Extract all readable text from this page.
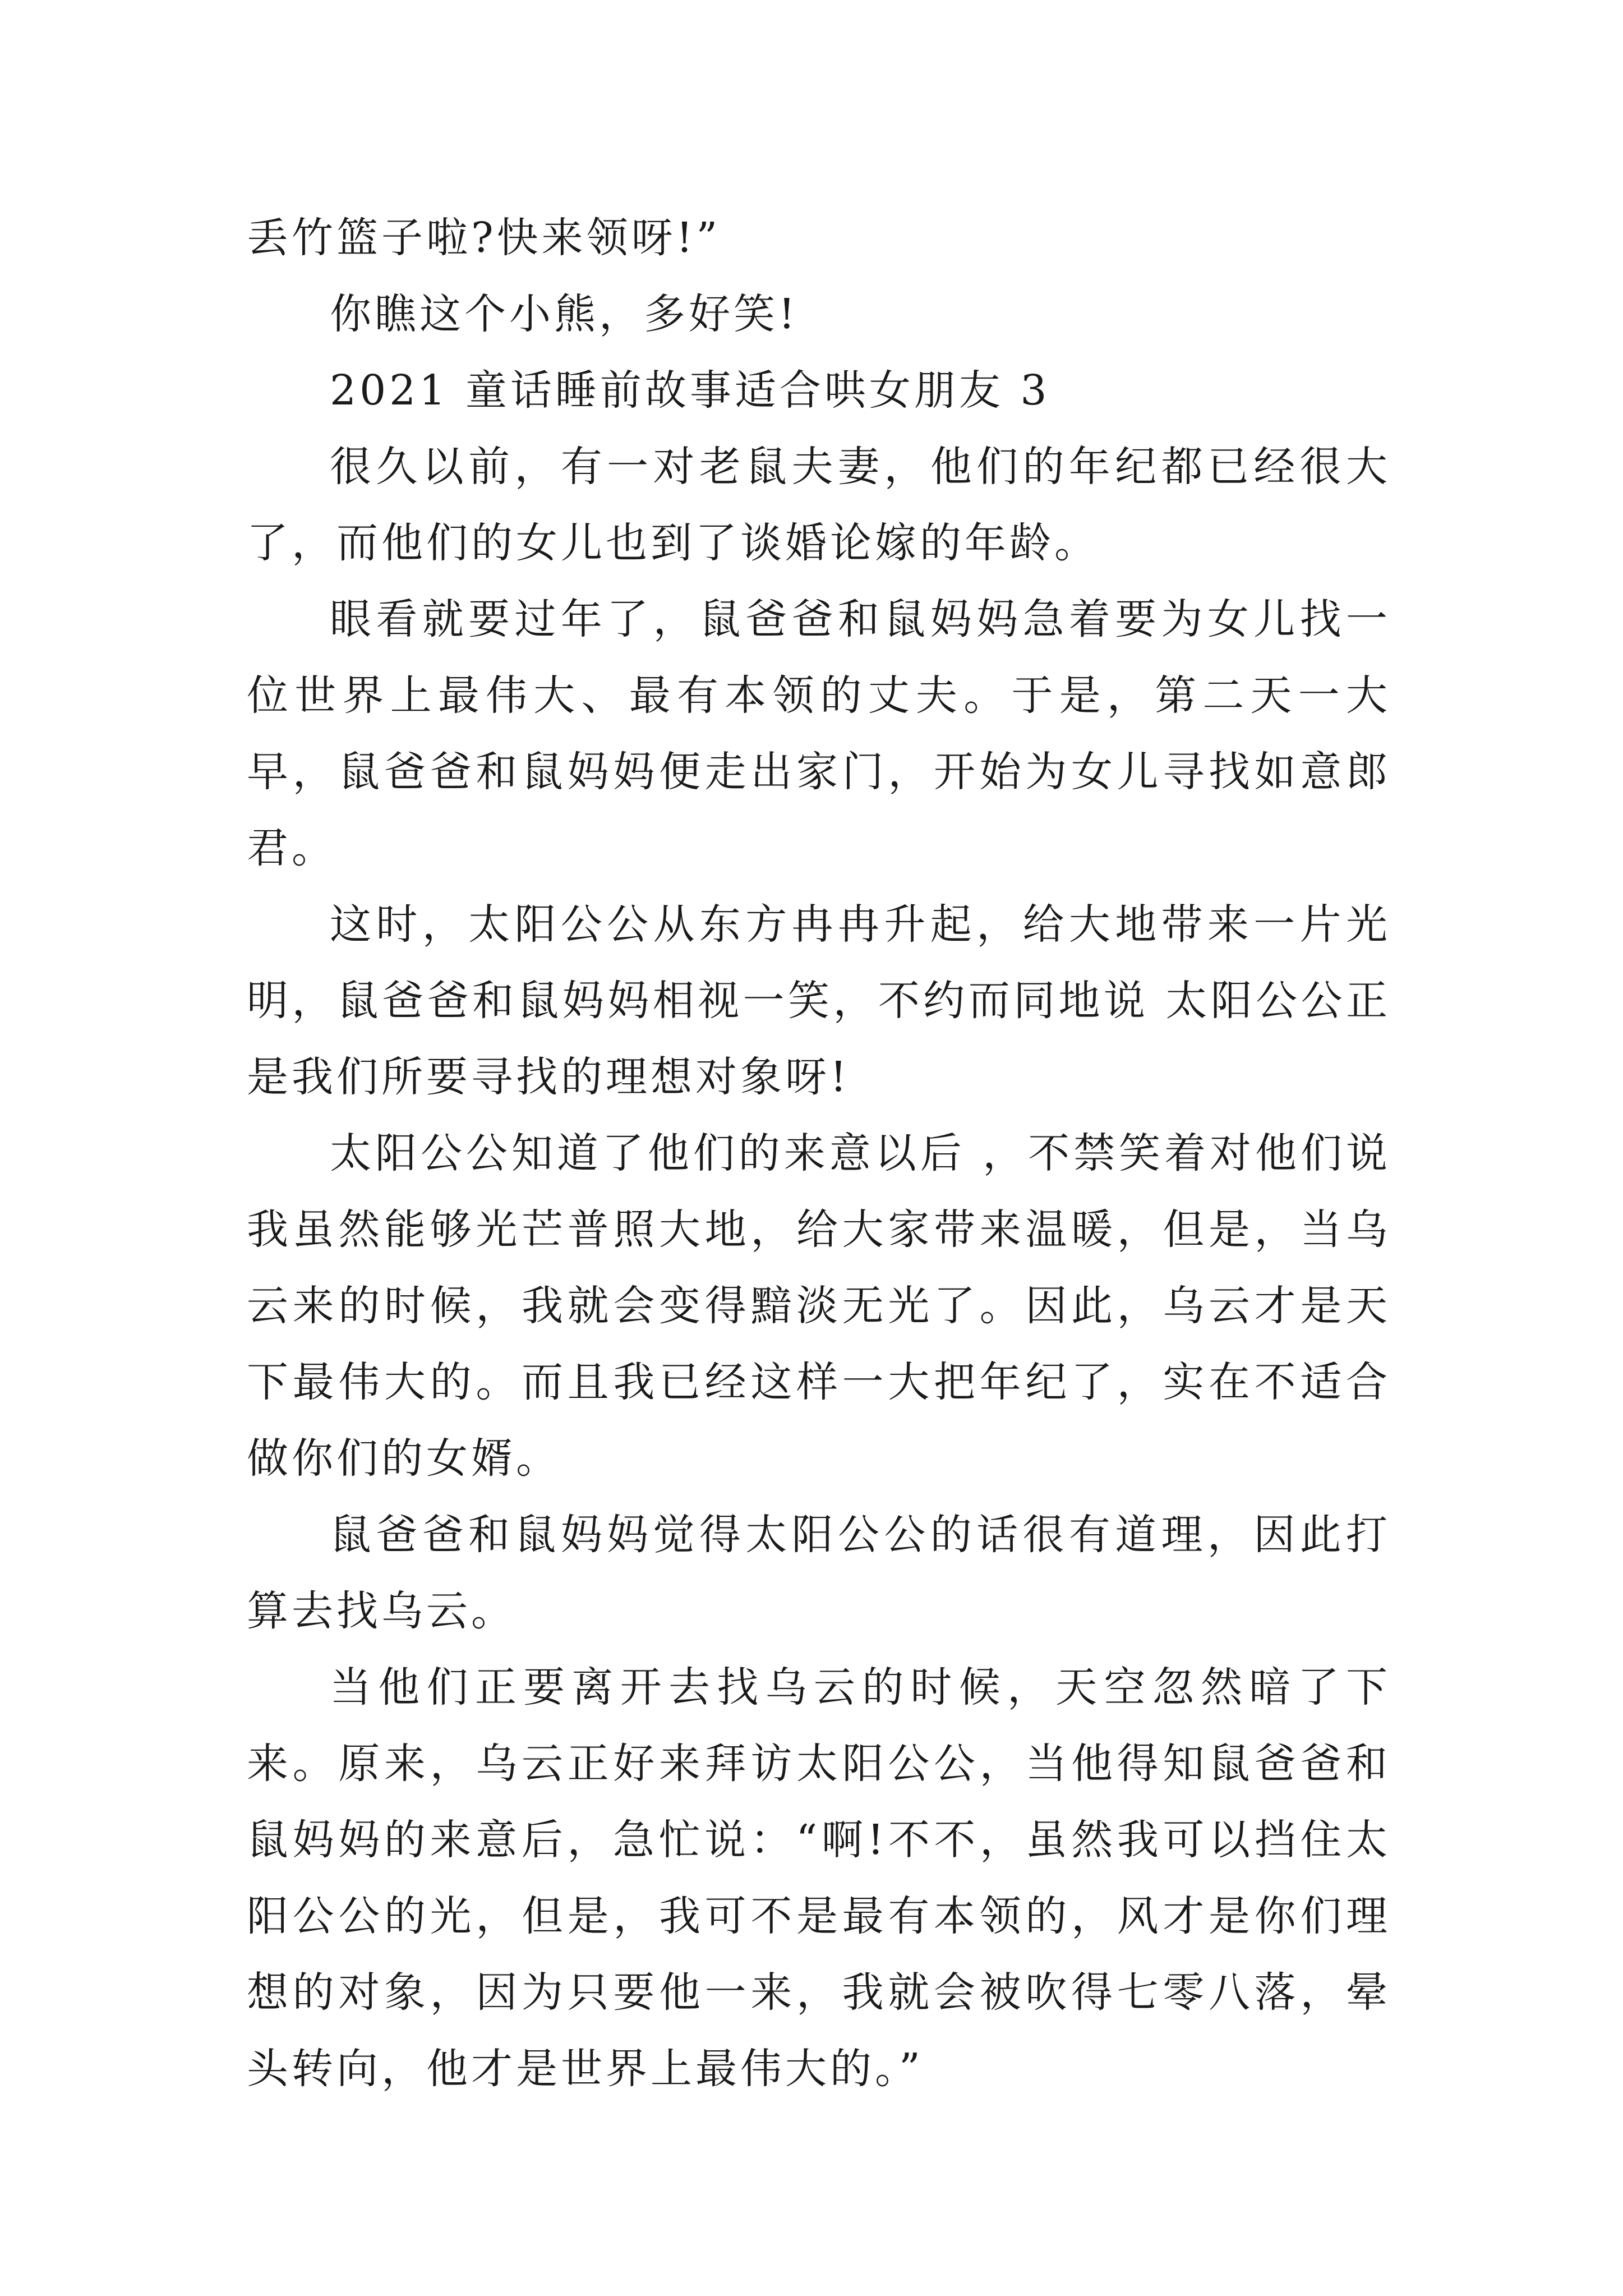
丢竹篮子啦?快来领呀!”

你瞧这个小熊，多好笑!

2021 童话睡前故事适合哄女朋友 3

很久以前，有一对老鼠夫妻，他们的年纪都已经很大了，而他们的女儿也到了谈婚论嫁的年龄。

眼看就要过年了，鼠爸爸和鼠妈妈急着要为女儿找一位世界上最伟大、最有本领的丈夫。于是，第二天一大早，鼠爸爸和鼠妈妈便走出家门，开始为女儿寻找如意郎君。

这时，太阳公公从东方冉冉升起，给大地带来一片光明，鼠爸爸和鼠妈妈相视一笑，不约而同地说 太阳公公正是我们所要寻找的理想对象呀!

太阳公公知道了他们的来意以后 ，不禁笑着对他们说 我虽然能够光芒普照大地，给大家带来温暖，但是，当乌云来的时候，我就会变得黯淡无光了。因此，乌云才是天下最伟大的。而且我已经这样一大把年纪了，实在不适合做你们的女婿。

鼠爸爸和鼠妈妈觉得太阳公公的话很有道理，因此打算去找乌云。

当他们正要离开去找乌云的时候，天空忽然暗了下来。原来，乌云正好来拜访太阳公公，当他得知鼠爸爸和鼠妈妈的来意后，急忙说：“啊!不不，虽然我可以挡住太阳公公的光，但是，我可不是最有本领的，风才是你们理想的对象，因为只要他一来，我就会被吹得七零八落，晕头转向，他才是世界上最伟大的。”
